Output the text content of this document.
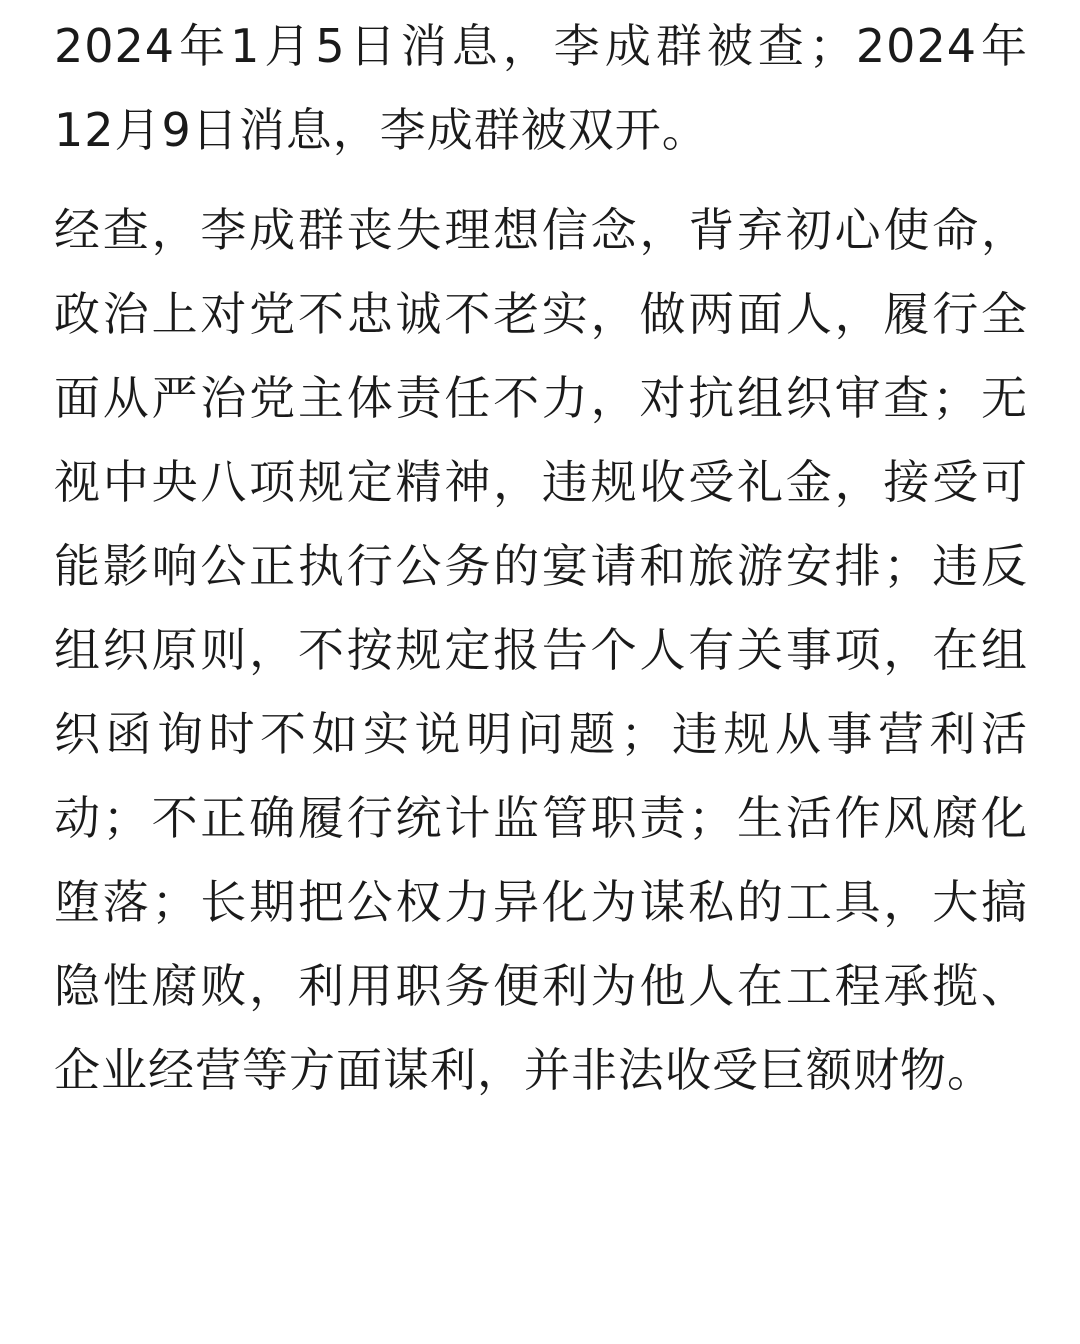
2024年1月5日消息，李成群被查；2024年12月9日消息，李成群被双开。

经查，李成群丧失理想信念，背弃初心使命，政治上对党不忠诚不老实，做两面人，履行全面从严治党主体责任不力，对抗组织审查；无视中央八项规定精神，违规收受礼金，接受可能影响公正执行公务的宴请和旅游安排；违反组织原则，不按规定报告个人有关事项，在组织函询时不如实说明问题；违规从事营利活动；不正确履行统计监管职责；生活作风腐化堕落；长期把公权力异化为谋私的工具，大搞隐性腐败，利用职务便利为他人在工程承揽、企业经营等方面谋利，并非法收受巨额财物。
